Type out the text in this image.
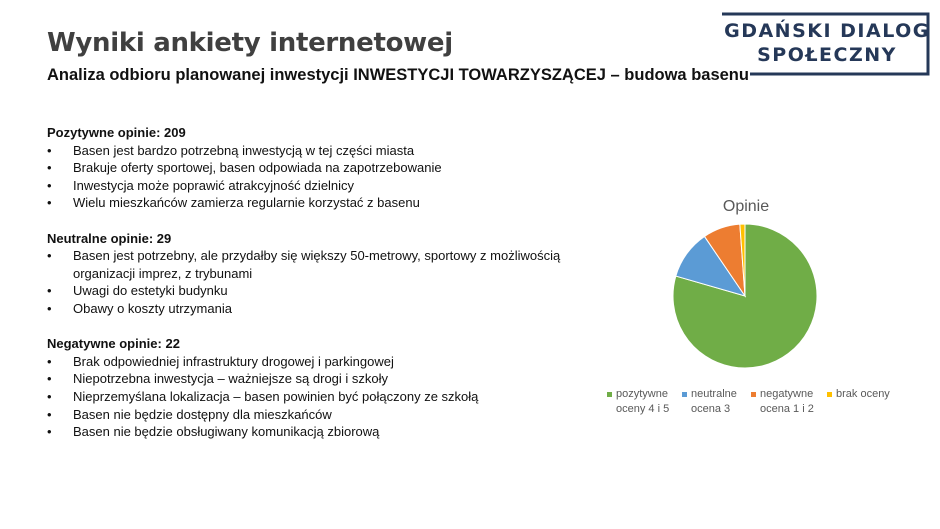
Wyniki ankiety internetowej
Analiza odbioru planowanej inwestycji INWESTYCJI TOWARZYSZĄCEJ – budowa basenu
GDAŃSKI DIALOG
SPOŁECZNY

Pozytywne opinie: 209

• Basen jest bardzo potrzebną inwestycją w tej części miasta
• Brakuje oferty sportowej, basen odpowiada na zapotrzebowanie
• Inwestycja może poprawić atrakcyjność dzielnicy
• Wielu mieszkańców zamierza regularnie korzystać z basenu

Neutralne opinie: 29

• Basen jest potrzebny, ale przydałby się większy 50-metrowy, sportowy z możliwością organizacji imprez, z trybunami
• Uwagi do estetyki budynku
• Obawy o koszty utrzymania

Negatywne opinie: 22

• Brak odpowiedniej infrastruktury drogowej i parkingowej
• Niepotrzebna inwestycja – ważniejsze są drogi i szkoły
• Nieprzemyślana lokalizacja – basen powinien być połączony ze szkołą
• Basen nie będzie dostępny dla mieszkańców
• Basen nie będzie obsługiwany komunikacją zbiorową
Opinie
pozytywne
oceny 4 i 5
neutralne
ocena 3
negatywne
ocena 1 i 2
brak oceny
